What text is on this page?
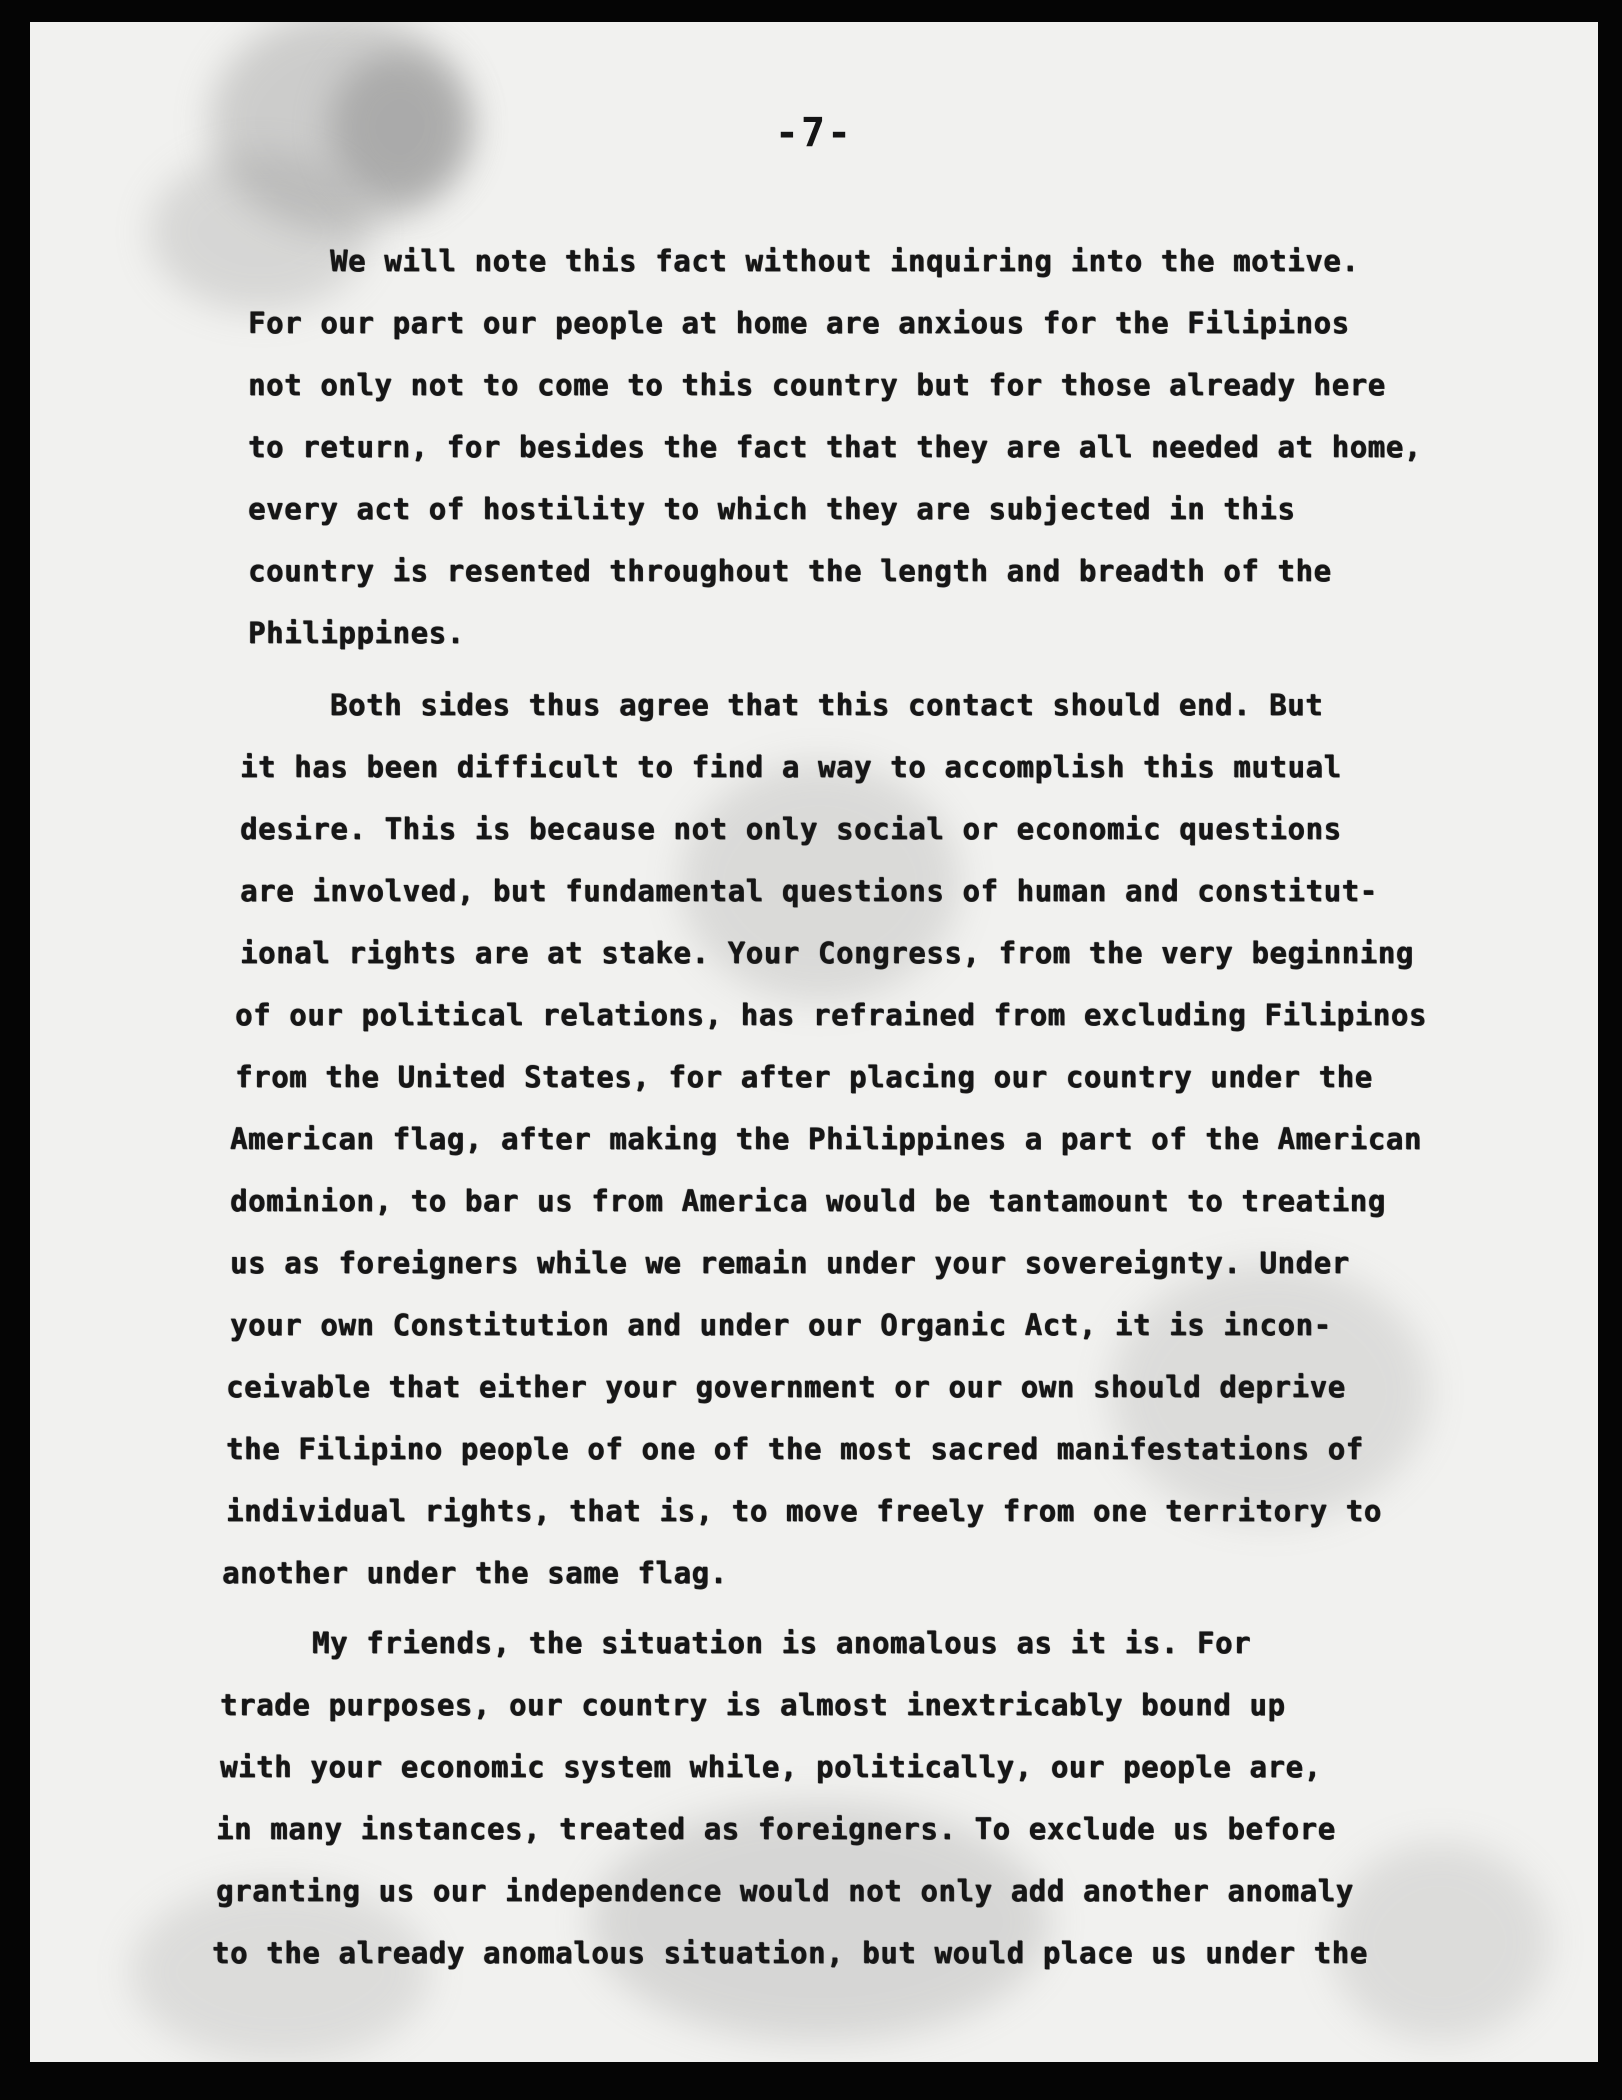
-7-
We will note this fact without inquiring into the motive.
For our part our people at home are anxious for the Filipinos
not only not to come to this country but for those already here
to return, for besides the fact that they are all needed at home,
every act of hostility to which they are subjected in this
country is resented throughout the length and breadth of the
Philippines.
Both sides thus agree that this contact should end. But
it has been difficult to find a way to accomplish this mutual
desire. This is because not only social or economic questions
are involved, but fundamental questions of human and constitut-
ional rights are at stake. Your Congress, from the very beginning
of our political relations, has refrained from excluding Filipinos
from the United States, for after placing our country under the
American flag, after making the Philippines a part of the American
dominion, to bar us from America would be tantamount to treating
us as foreigners while we remain under your sovereignty. Under
your own Constitution and under our Organic Act, it is incon-
ceivable that either your government or our own should deprive
the Filipino people of one of the most sacred manifestations of
individual rights, that is, to move freely from one territory to
another under the same flag.
My friends, the situation is anomalous as it is. For
trade purposes, our country is almost inextricably bound up
with your economic system while, politically, our people are,
in many instances, treated as foreigners. To exclude us before
granting us our independence would not only add another anomaly
to the already anomalous situation, but would place us under the
